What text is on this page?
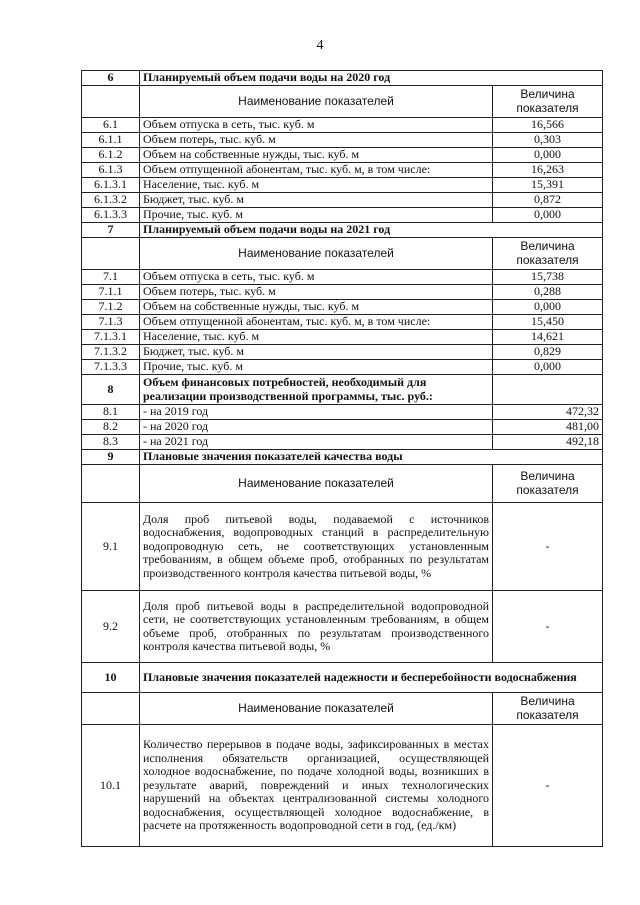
4
6	Планируемый объем подачи воды на 2020 год	
	Наименование показателей	Величина показателя
6.1	Объем отпуска в сеть, тыс. куб. м	16,566
6.1.1	Объем потерь, тыс. куб. м	0,303
6.1.2	Объем на собственные нужды, тыс. куб. м	0,000
6.1.3	Объем отпущенной абонентам, тыс. куб. м, в том числе:	16,263
6.1.3.1	Население, тыс. куб. м	15,391
6.1.3.2	Бюджет, тыс. куб. м	0,872
6.1.3.3	Прочие, тыс. куб. м	0,000
7	Планируемый объем подачи воды на 2021 год	
	Наименование показателей	Величина показателя
7.1	Объем отпуска в сеть, тыс. куб. м	15,738
7.1.1	Объем потерь, тыс. куб. м	0,288
7.1.2	Объем на собственные нужды, тыс. куб. м	0,000
7.1.3	Объем отпущенной абонентам, тыс. куб. м, в том числе:	15,450
7.1.3.1	Население, тыс. куб. м	14,621
7.1.3.2	Бюджет, тыс. куб. м	0,829
7.1.3.3	Прочие, тыс. куб. м	0,000
8	Объем финансовых потребностей, необходимый для реализации производственной программы, тыс. руб.:	
8.1	- на 2019 год	472,32
8.2	- на 2020 год	481,00
8.3	- на 2021 год	492,18
9	Плановые значения показателей качества воды	
	Наименование показателей	Величина показателя
9.1	Доля проб питьевой воды, подаваемой с источников водоснабжения, водопроводных станций в распределительную водопроводную сеть, не соответствующих установленным требованиям, в общем объеме проб, отобранных по результатам производственного контроля качества питьевой воды, %	-
9.2	Доля проб питьевой воды в распределительной водопроводной сети, не соответствующих установленным требованиям, в общем объеме проб, отобранных по результатам производственного контроля качества питьевой воды, %	-
10	Плановые значения показателей надежности и бесперебойности водоснабжения	
	Наименование показателей	Величина показателя
10.1	Количество перерывов в подаче воды, зафиксированных в местах исполнения обязательств организацией, осуществляющей холодное водоснабжение, по подаче холодной воды, возникших в результате аварий, повреждений и иных технологических нарушений на объектах централизованной системы холодного водоснабжения, осуществляющей холодное водоснабжение, в расчете на протяженность водопроводной сети в год, (ед./км)	-
